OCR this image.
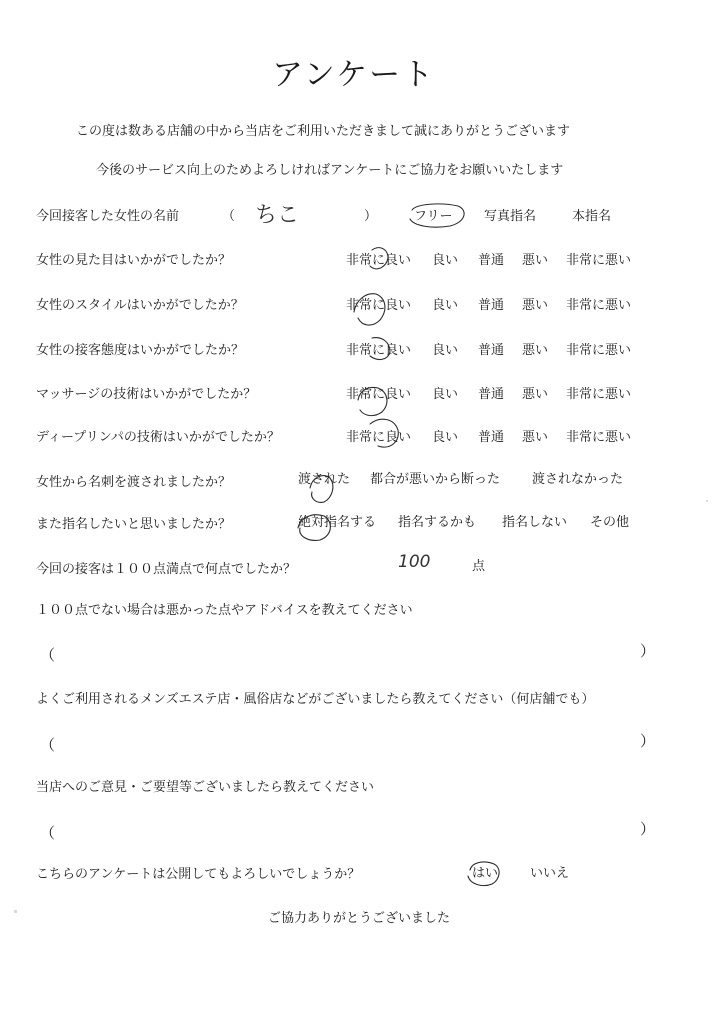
アンケート
この度は数ある店舗の中から当店をご利用いただきまして誠にありがとうございます
今後のサービス向上のためよろしければアンケートにご協力をお願いいたします
今回接客した女性の名前	（ ちこ	）	フリー 写真指名	本指名
女性の見た目はいかがでしたか？	非常に良い 良い 普通 悪い 非常に悪い
女性のスタイルはいかがでしたか？	非常に良い 良い 普通 悪い 非常に悪い
女性の接客態度はいかがでしたか？	非常に良い 良い 普通 悪い 非常に悪い
マッサージの技術はいかがでしたか？	非常に良い 良い 普通 悪い 非常に悪い
ディープリンパの技術はいかがでしたか？	非常に良い 良い 普通 悪い 非常に悪い
女性から名刺を渡されましたか？	渡された 都合が悪いから断った 渡されなかった
また指名したいと思いましたか？	絶対指名する 指名するかも 指名しない その他
今回の接客は１００点満点で何点でしたか？	100	点
１００点でない場合は悪かった点やアドバイスを教えてください
（	）
よくご利用されるメンズエステ店・風俗店などがございましたら教えてください（何店舗でも）
（	）
当店へのご意見・ご要望等ございましたら教えてください
（	）
こちらのアンケートは公開してもよろしいでしょうか？	はい いいえ
ご協力ありがとうございました
